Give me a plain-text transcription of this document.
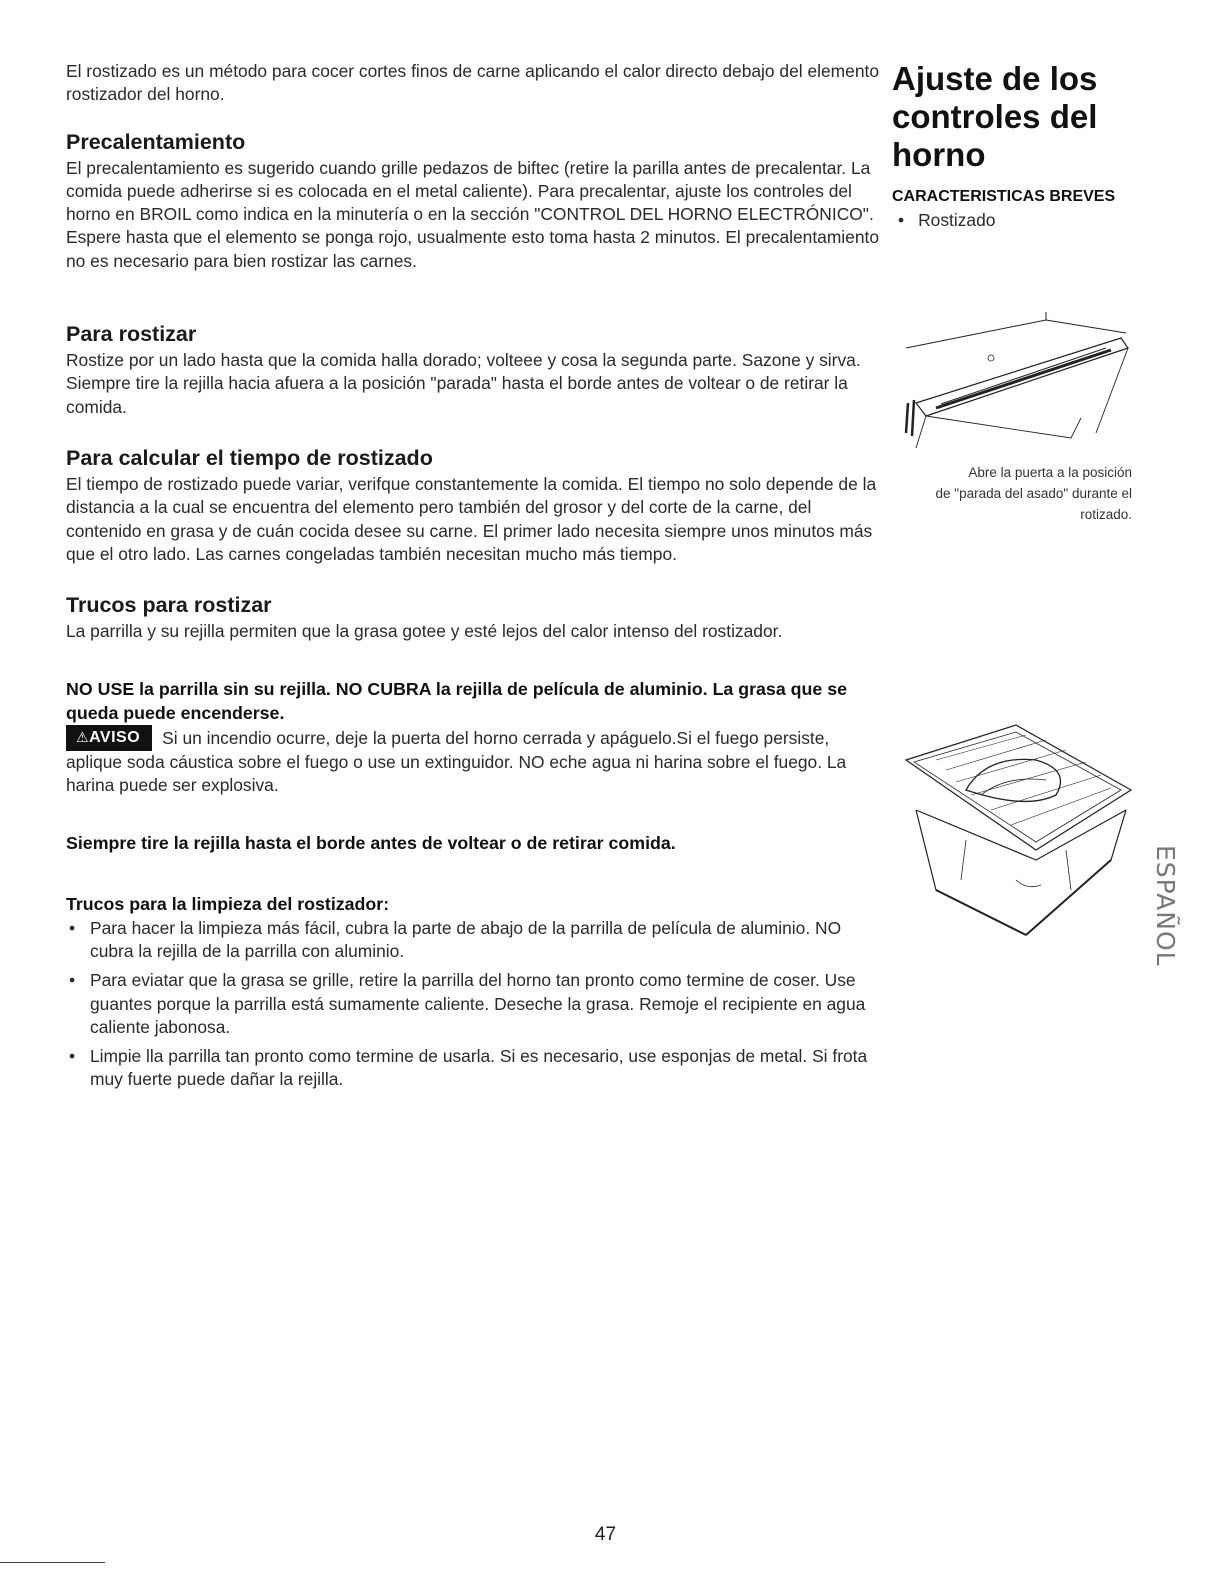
El rostizado es un método para cocer cortes finos de carne aplicando el calor directo debajo del elemento rostizador del horno.

Precalentamiento

El precalentamiento es sugerido cuando grille pedazos de biftec (retire la parilla antes de precalentar. La comida puede adherirse si es colocada en el metal caliente). Para precalentar, ajuste los controles del horno en BROIL como indica en la minutería o en la sección "CONTROL DEL HORNO ELECTRÓNICO". Espere hasta que el elemento se ponga rojo, usualmente esto toma hasta 2 minutos. El precalentamiento no es necesario para bien rostizar las carnes.

Para rostizar

Rostize por un lado hasta que la comida halla dorado; volteee y cosa la segunda parte. Sazone y sirva. Siempre tire la rejilla hacia afuera a la posición "parada" hasta el borde antes de voltear o de retirar la comida.

Para calcular el tiempo de rostizado

El tiempo de rostizado puede variar, verifque constantemente la comida. El tiempo no solo depende de la distancia a la cual se encuentra del elemento pero también del grosor y del corte de la carne, del contenido en grasa y de cuán cocida desee su carne. El primer lado necesita siempre unos minutos más que el otro lado. Las carnes congeladas también necesitan mucho más tiempo.

Trucos para rostizar

La parrilla y su rejilla permiten que la grasa gotee y esté lejos del calor intenso del rostizador.

NO USE la parrilla sin su rejilla. NO CUBRA la rejilla de película de aluminio. La grasa que se queda puede encenderse.

⚠AVISO Si un incendio ocurre, deje la puerta del horno cerrada y apáguelo.Si el fuego persiste, aplique soda cáustica sobre el fuego o use un extinguidor. NO eche agua ni harina sobre el fuego. La harina puede ser explosiva.

Siempre tire la rejilla hasta el borde antes de voltear o de retirar comida.

Trucos para la limpieza del rostizador:

• Para hacer la limpieza más fácil, cubra la parte de abajo de la parrilla de película de aluminio. NO cubra la rejilla de la parrilla con aluminio.
• Para eviatar que la grasa se grille, retire la parrilla del horno tan pronto como termine de coser. Use guantes porque la parrilla está sumamente caliente. Deseche la grasa. Remoje el recipiente en agua caliente jabonosa.
• Limpie lla parrilla tan pronto como termine de usarla. Si es necesario, use esponjas de metal. Si frota muy fuerte puede dañar la rejilla.
Ajuste de los
controles del
horno
CARACTERISTICAS BREVES
• Rostizado
Abre la puerta a la posición
de "parada del asado" durante el
rotizado.
ESPAÑOL
47
